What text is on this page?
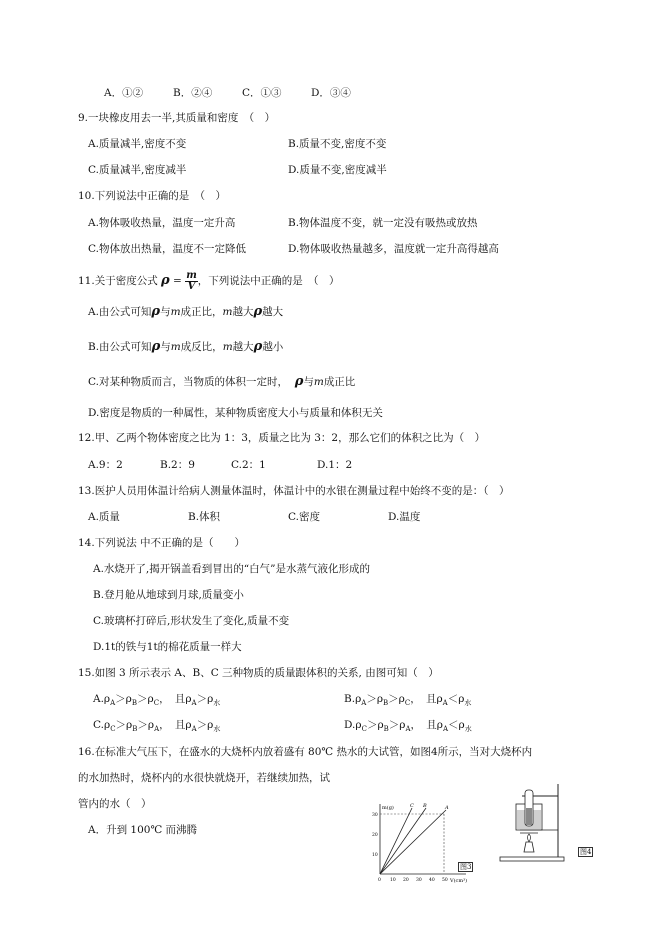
A．①②	B．②④	C．①③	D．③④
9.一块橡皮用去一半,其质量和密度　（　）
A.质量减半,密度不变	B.质量不变,密度不变
C.质量减半,密度减半	D.质量不变,密度减半
10.下列说法中正确的是　（　）
A.物体吸收热量，温度一定升高	B.物体温度不变，就一定没有吸热或放热
C.物体放出热量，温度不一定降低	D.物体吸收热量越多，温度就一定升高得越高
11.关于密度公式 $\rho = \frac{m}{V}$ ，下列说法中正确的是　（　）
A.由公式可知ρ与m成正比，m越大ρ越大
B.由公式可知ρ与m成反比，m越大ρ越小
C.对某种物质而言，当物质的体积一定时， ρ与m成正比
D.密度是物质的一种属性，某种物质密度大小与质量和体积无关
12.甲、乙两个物体密度之比为 1：3，质量之比为 3：2，那么它们的体积之比为（　）
A.9：2	B.2：9	C.2：1	D.1：2
13.医护人员用体温计给病人测量体温时，体温计中的水银在测量过程中始终不变的是：（　）
A.质量	B.体积	C.密度	D.温度
14.下列说法 中不正确的是（　　）
A.水烧开了,揭开锅盖看到冒出的“白气”是水蒸气液化形成的
B.登月舱从地球到月球,质量变小
C.玻璃杯打碎后,形状发生了变化,质量不变
D.1t的铁与1t的棉花质量一样大
15.如图 3 所示表示 A、B、C 三种物质的质量跟体积的关系, 由图可知（　）
$A.\rho_A>\rho_B>\rho_C$，　且$\rho_A>\rho_水$	$B.\rho_A>\rho_B>\rho_C$，　且$\rho_A<\rho_水$
$C.\rho_C>\rho_B>\rho_A$，　且$\rho_A>\rho_水$	$D.\rho_C>\rho_B>\rho_A$，　且$\rho_A<\rho_水$
16.在标准大气压下，在盛水的大烧杯内放着盛有 80℃ 热水的大试管，如图4所示，当对大烧杯内
的水加热时，烧杯内的水很快就烧开，若继续加热，试
管内的水（　）
A．升到 100℃ 而沸腾
m(g)
V(cm³)
C B	A
10
20
30
0 10 20 30 40 50
图3
图4
